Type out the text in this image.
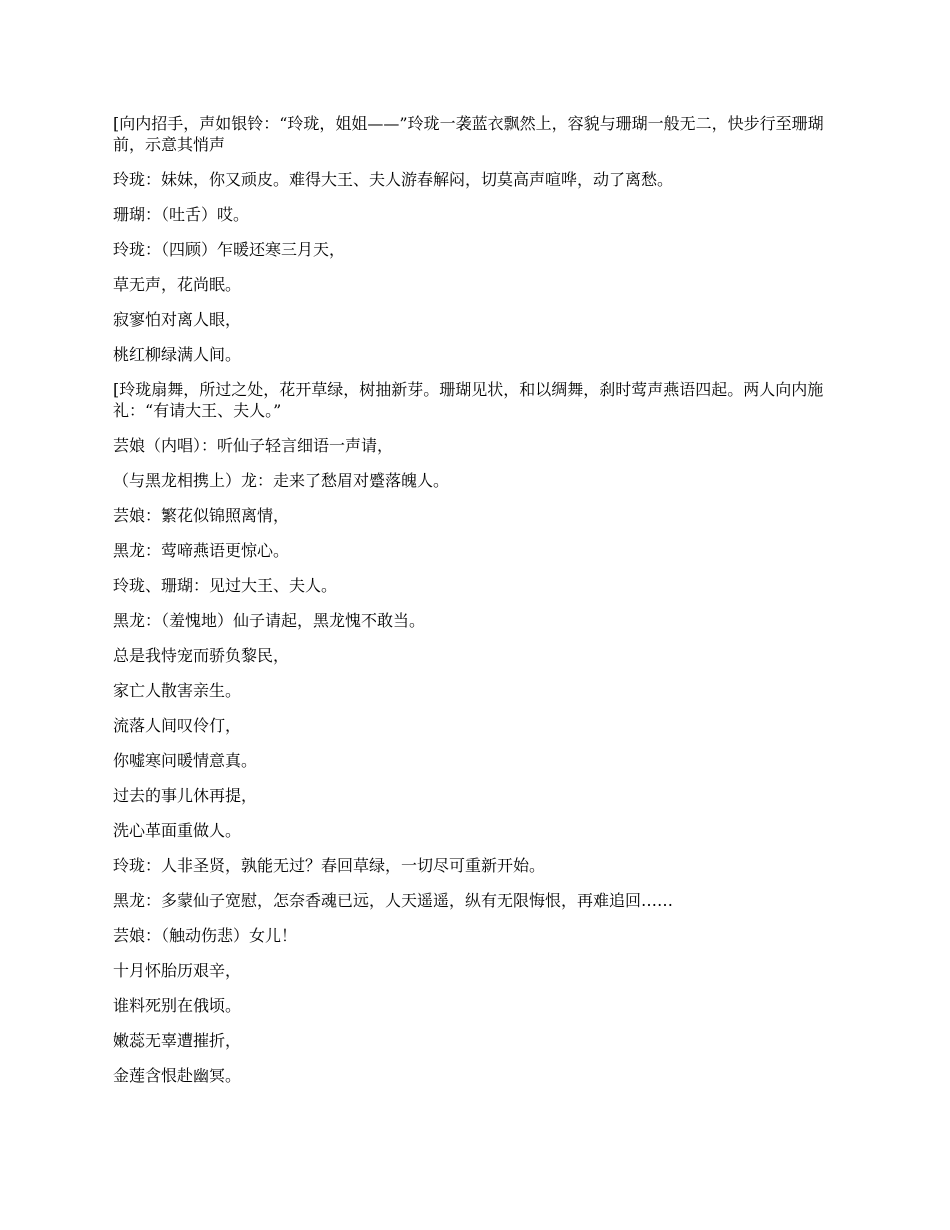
[向内招手，声如银铃：“玲珑，姐姐——”玲珑一袭蓝衣飘然上，容貌与珊瑚一般无二，快步行至珊瑚前，示意其悄声

玲珑：妹妹，你又顽皮。难得大王、夫人游春解闷，切莫高声喧哗，动了离愁。

珊瑚：（吐舌）哎。

玲珑：（四顾）乍暖还寒三月天，

草无声，花尚眠。

寂寥怕对离人眼，

桃红柳绿满人间。

[玲珑扇舞，所过之处，花开草绿，树抽新芽。珊瑚见状，和以绸舞，刹时莺声燕语四起。两人向内施礼：“有请大王、夫人。”

芸娘（内唱）：听仙子轻言细语一声请，

（与黑龙相携上）龙：走来了愁眉对蹙落魄人。

芸娘：繁花似锦照离情，

黑龙：莺啼燕语更惊心。

玲珑、珊瑚：见过大王、夫人。

黑龙：（羞愧地）仙子请起，黑龙愧不敢当。

总是我恃宠而骄负黎民，

家亡人散害亲生。

流落人间叹伶仃，

你嘘寒问暖情意真。

过去的事儿休再提，

洗心革面重做人。

玲珑：人非圣贤，孰能无过？春回草绿，一切尽可重新开始。

黑龙：多蒙仙子宽慰，怎奈香魂已远，人天遥遥，纵有无限悔恨，再难追回……

芸娘：（触动伤悲）女儿！

十月怀胎历艰辛，

谁料死别在俄顷。

嫩蕊无辜遭摧折，

金莲含恨赴幽冥。
